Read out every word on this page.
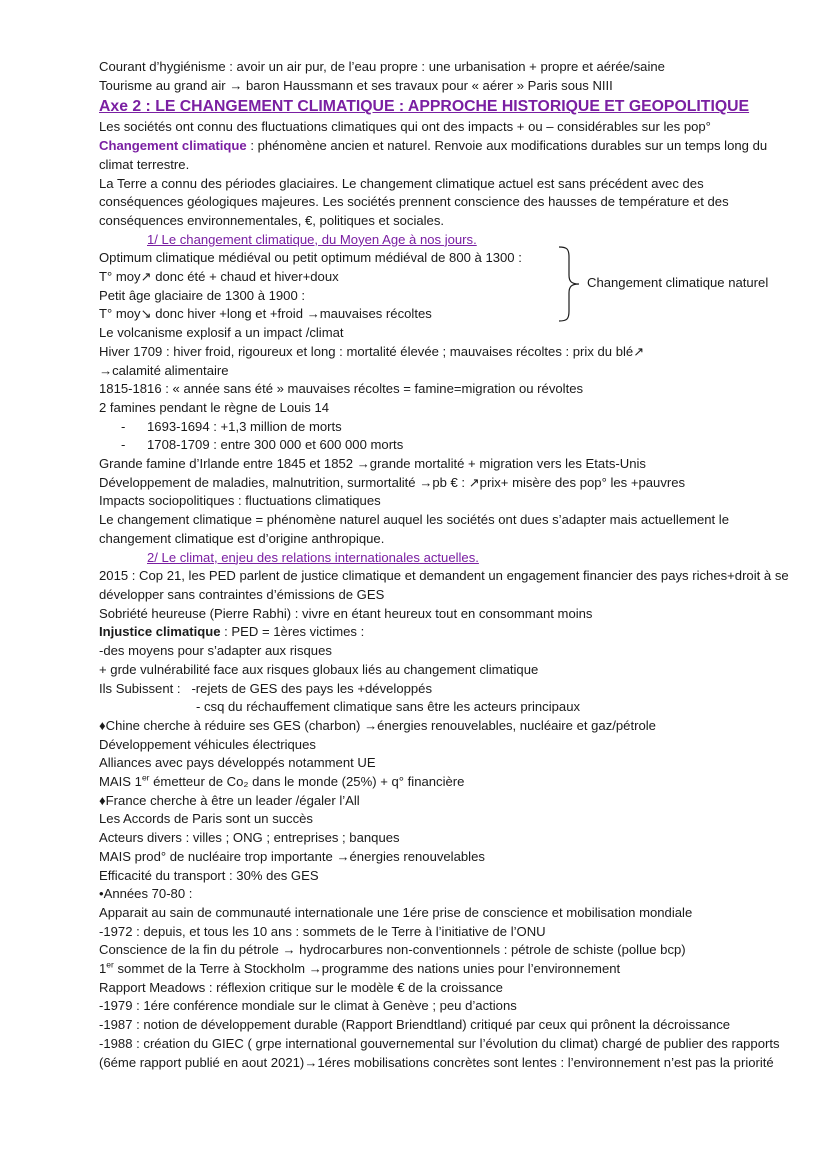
Courant d’hygiénisme : avoir un air pur, de l’eau propre : une urbanisation + propre et aérée/saine
Tourisme au grand air → baron Haussmann et ses travaux pour « aérer » Paris sous NIII
Axe 2 : LE CHANGEMENT CLIMATIQUE : APPROCHE HISTORIQUE ET GEOPOLITIQUE
Les sociétés ont connu des fluctuations climatiques qui ont des impacts + ou – considérables sur les pop°
Changement climatique : phénomène ancien et naturel. Renvoie aux modifications durables sur un temps long du climat terrestre.
La Terre a connu des périodes glaciaires. Le changement climatique actuel est sans précédent avec des conséquences géologiques majeures. Les sociétés prennent conscience des hausses de température et des conséquences environnementales, €, politiques et sociales.
1/ Le changement climatique, du Moyen Age à nos jours.
Optimum climatique médiéval ou petit optimum médiéval de 800 à 1300 :
T° moy↗ donc été + chaud et hiver+doux
Petit âge glaciaire de 1300 à 1900 :
T° moy↘ donc hiver +long et +froid →mauvaises récoltes
Changement climatique naturel
Le volcanisme explosif a un impact /climat
Hiver 1709 : hiver froid, rigoureux et long : mortalité élevée ; mauvaises récoltes : prix du blé↗
→calamité alimentaire
1815-1816 : « année sans été » mauvaises récoltes = famine=migration ou révoltes
2 famines pendant le règne de Louis 14
- 1693-1694 : +1,3 million de morts
- 1708-1709 : entre 300 000 et 600 000 morts
Grande famine d’Irlande entre 1845 et 1852 →grande mortalité + migration vers les Etats-Unis
Développement de maladies, malnutrition, surmortalité →pb € : ↗prix+ misère des pop° les +pauvres
Impacts sociopolitiques : fluctuations climatiques
Le changement climatique = phénomène naturel auquel les sociétés ont dues s’adapter mais actuellement le changement climatique est d’origine anthropique.
2/ Le climat, enjeu des relations internationales actuelles.
2015 : Cop 21, les PED parlent de justice climatique et demandent un engagement financier des pays riches+droit à se développer sans contraintes d’émissions de GES
Sobriété heureuse (Pierre Rabhi) : vivre en étant heureux tout en consommant moins
Injustice climatique : PED = 1ères victimes :
-des moyens pour s’adapter aux risques
+ grde vulnérabilité face aux risques globaux liés au changement climatique
Ils Subissent : -rejets de GES des pays les +développés
- csq du réchauffement climatique sans être les acteurs principaux
♦Chine cherche à réduire ses GES (charbon) →énergies renouvelables, nucléaire et gaz/pétrole
Développement véhicules électriques
Alliances avec pays développés notamment UE
MAIS 1er émetteur de Co₂ dans le monde (25%) + q° financière
♦France cherche à être un leader /égaler l’All
Les Accords de Paris sont un succès
Acteurs divers : villes ; ONG ; entreprises ; banques
MAIS prod° de nucléaire trop importante →énergies renouvelables
Efficacité du transport : 30% des GES
•Années 70-80 :
Apparait au sain de communauté internationale une 1ére prise de conscience et mobilisation mondiale
-1972 : depuis, et tous les 10 ans : sommets de le Terre à l’initiative de l’ONU
Conscience de la fin du pétrole → hydrocarbures non-conventionnels : pétrole de schiste (pollue bcp)
1er sommet de la Terre à Stockholm →programme des nations unies pour l’environnement
Rapport Meadows : réflexion critique sur le modèle € de la croissance
-1979 : 1ére conférence mondiale sur le climat à Genève ; peu d’actions
-1987 : notion de développement durable (Rapport Briendtland) critiqué par ceux qui prônent la décroissance
-1988 : création du GIEC ( grpe international gouvernemental sur l’évolution du climat) chargé de publier des rapports (6éme rapport publié en aout 2021)→1éres mobilisations concrètes sont lentes : l’environnement n’est pas la priorité
